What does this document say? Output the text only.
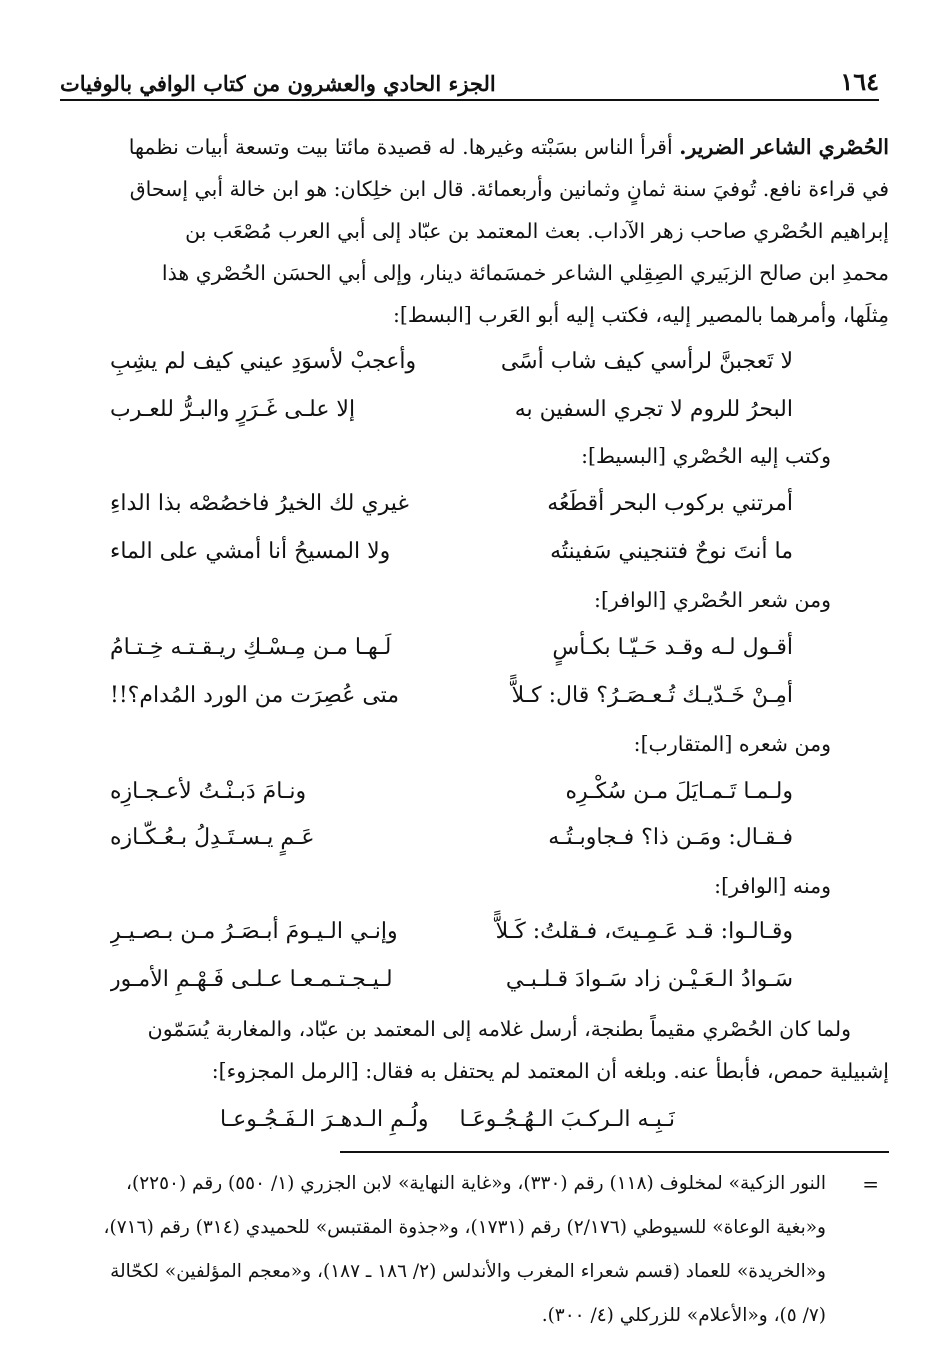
١٦٤
الجزء الحادي والعشرون من كتاب الوافي بالوفيات
الحُصْري الشاعر الضرير. أقرأ الناس بسَبْته وغيرها. له قصيدة مائتا بيت وتسعة أبيات نظمها
في قراءة نافع. تُوفيَ سنة ثمانٍ وثمانين وأربعمائة. قال ابن خلِكان: هو ابن خالة أبي إسحاق
إبراهيم الحُصْري صاحب زهر الآداب. بعث المعتمد بن عبّاد إلى أبي العرب مُصْعَب بن
محمدِ ابن صالح الزبَيري الصِقِلي الشاعر خمسَمائة دينار، وإلى أبي الحسَن الحُصْري هذا
مِثلَها، وأمرهما بالمصير إليه، فكتب إليه أبو العَرب [البسط]:
لا تَعجبنَّ لرأسي كيف شاب أسًى
وأعجبْ لأسوَدِ عيني كيف لم يشِبِ
البحرُ للروم لا تجري السفين به
إلا علـى غَـرَرٍ والبـرُّ للعـرب
وكتب إليه الحُصْري [البسيط]:
أمرتني بركوب البحر أقطَعُه
غيري لك الخيرُ فاخصُصْه بذا الداءِ
ما أنتَ نوحٌ فتنجيني سَفينتُه
ولا المسيحُ أنا أمشي على الماء
ومن شعر الحُصْري [الوافر]:
أقـول لـه وقـد حَـيّـا بكـأسٍ
لَـهـا مـن مِـسْـكِ ريـقـتـه خِـتـامُ
أمِـنْ خَـدّيـك تُـعـصَـرُ؟ قال: كـلاًّ
متى عُصِرَت من الورد المُدام؟!!
ومن شعره [المتقارب]:
ولـمـا تَـمـايَلَ مـن سُكْـرِه
ونـامَ دَبـنْـتُ لأعـجـازِه
فـقـال: ومَـن ذا؟ فـجاوبـتُـه
عَـمٍ يـسـتَـدِلُ بـعُـكّـازه
ومنه [الوافر]:
وقـالـوا: قـد عَـمِـيتَ، فـقلتُ: كَـلاًّ
وإنـي الـيـومَ أبـصَـرُ مـن بـصـيـرِ
سَـوادُ الـعَـيْـن زاد سَـوادَ قـلـبـي
لـيـجـتـمـعـا عـلـى فَـهْـمِ الأمـور
ولما كان الحُصْري مقيماً بطنجة، أرسل غلامه إلى المعتمد بن عبّاد، والمغاربة يُسَمّون
إشبيلية حمص، فأبطأ عنه. وبلغه أن المعتمد لم يحتفل به فقال: [الرمل المجزوء]:
نَـبِـه الـركـبَ الـهُـجُـوعَـا
ولُـمِ الـدهـرَ الـفَـجُـوعـا
=
النور الزكية» لمخلوف (١١٨) رقم (٣٣٠)، و«غاية النهاية» لابن الجزري (١/ ٥٥٠) رقم (٢٢٥٠)،
و«بغية الوعاة» للسيوطي (٢/١٧٦) رقم (١٧٣١)، و«جذوة المقتبس» للحميدي (٣١٤) رقم (٧١٦)،
و«الخريدة» للعماد (قسم شعراء المغرب والأندلس (٢/ ١٨٦ ـ ١٨٧)، و«معجم المؤلفين» لكحّالة
(٧/ ٥)، و«الأعلام» للزركلي (٤/ ٣٠٠).
